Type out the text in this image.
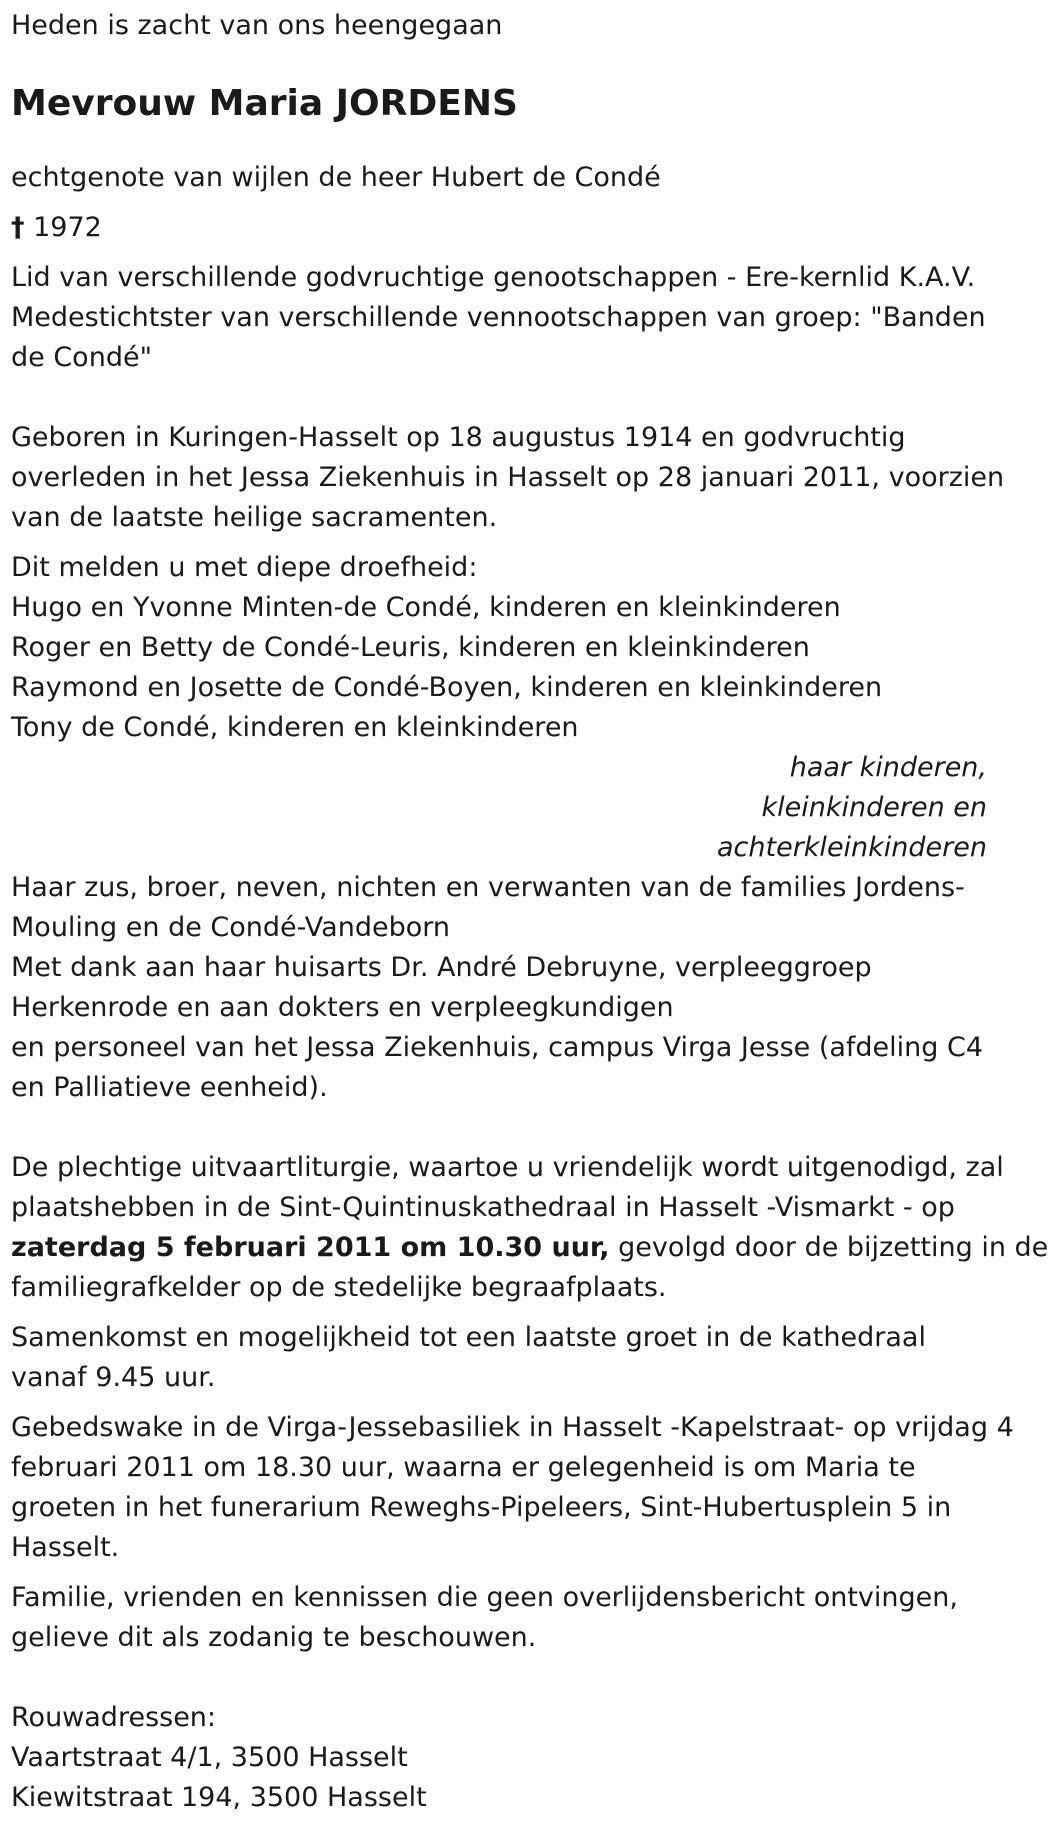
Heden is zacht van ons heengegaan

Mevrouw Maria JORDENS

echtgenote van wijlen de heer Hubert de Condé

† 1972

Lid van verschillende godvruchtige genootschappen - Ere-kernlid K.A.V.

Medestichtster van verschillende vennootschappen van groep: "Banden

de Condé"

Geboren in Kuringen-Hasselt op 18 augustus 1914 en godvruchtig

overleden in het Jessa Ziekenhuis in Hasselt op 28 januari 2011, voorzien

van de laatste heilige sacramenten.

Dit melden u met diepe droefheid:

Hugo en Yvonne Minten-de Condé, kinderen en kleinkinderen

Roger en Betty de Condé-Leuris, kinderen en kleinkinderen

Raymond en Josette de Condé-Boyen, kinderen en kleinkinderen

Tony de Condé, kinderen en kleinkinderen

haar kinderen,

kleinkinderen en

achterkleinkinderen

Haar zus, broer, neven, nichten en verwanten van de families Jordens-

Mouling en de Condé-Vandeborn

Met dank aan haar huisarts Dr. André Debruyne, verpleeggroep

Herkenrode en aan dokters en verpleegkundigen

en personeel van het Jessa Ziekenhuis, campus Virga Jesse (afdeling C4

en Palliatieve eenheid).

De plechtige uitvaartliturgie, waartoe u vriendelijk wordt uitgenodigd, zal

plaatshebben in de Sint-Quintinuskathedraal in Hasselt -Vismarkt - op

zaterdag 5 februari 2011 om 10.30 uur, gevolgd door de bijzetting in de

familiegrafkelder op de stedelijke begraafplaats.

Samenkomst en mogelijkheid tot een laatste groet in de kathedraal

vanaf 9.45 uur.

Gebedswake in de Virga-Jessebasiliek in Hasselt -Kapelstraat- op vrijdag 4

februari 2011 om 18.30 uur, waarna er gelegenheid is om Maria te

groeten in het funerarium Reweghs-Pipeleers, Sint-Hubertusplein 5 in

Hasselt.

Familie, vrienden en kennissen die geen overlijdensbericht ontvingen,

gelieve dit als zodanig te beschouwen.

Rouwadressen:

Vaartstraat 4/1, 3500 Hasselt

Kiewitstraat 194, 3500 Hasselt
